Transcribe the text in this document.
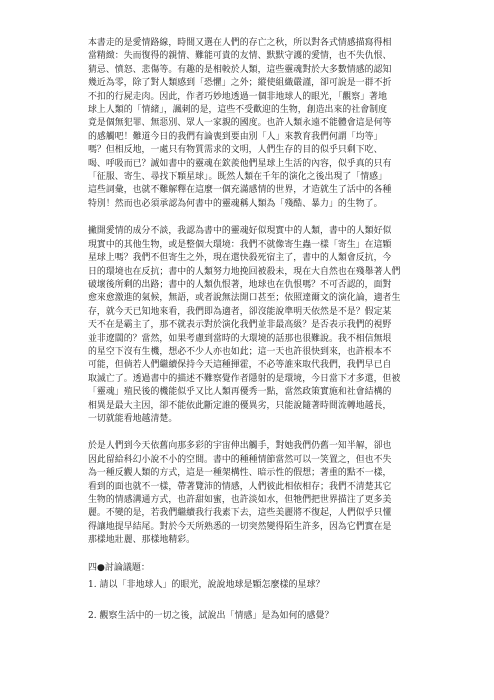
本書走的是愛情路線，時間又選在人們的存亡之秋，所以對各式情感描寫得相
當精緻：失而復得的親情、難能可貴的友情、默默守護的愛情，也不失仇恨、
猜忌、憤怒、悲傷等。有趣的是相較於人類，這些靈魂對於大多數情感的認知
幾近為零，除了對人類感到「恐懼」之外；縱使組織嚴謹，卻可說是一群不折
不扣的行屍走肉。因此，作者巧妙地透過一個非地球人的眼光，「觀察」著地
球上人類的「情緒」，諷刺的是，這些不受歡迎的生物，創造出來的社會制度
竟是個無犯罪、無惡別、眾人一家親的國度。也許人類永遠不能體會這是何等
的感觸吧！難道今日的我們有論喪到要由別「人」來教育我們何謂「均等」
嗎？但相反地，一處只有物質需求的文明，人們生存的目的似乎只剩下吃、
喝、呼吸而已？誠如書中的靈魂在欽羨他們星球上生活的內容，似乎真的只有
「征服、寄生、尋找下顆星球」。既然人類在千年的演化之後出現了「情感」
這些詞彙，也就不難解釋在這麼一個充滿感情的世界，才造就生了活中的各種
特別！然而也必須承認為何書中的靈魂稱人類為「殘酷、暴力」的生物了。
撇開愛情的成分不談，我認為書中的靈魂好似現實中的人類，書中的人類好似
現實中的其他生物，或是整個大環境：我們不就像寄生蟲一樣「寄生」在這顆
星球上嗎？我們不但寄生之外，現在還快殺死宿主了，書中的人類會反抗，今
日的環境也在反抗；書中的人類努力地挽回被殺未，現在大自然也在殘舉著人們
破壞後所剩的出路；書中的人類仇恨著，地球也在仇恨嗎？不可否認的，面對
愈來愈激進的氣候，無語，或者說無法開口甚至；依照達爾文的演化論，適者生
存，就今天已知地來看，我們即為適者，卻沒能說準明天依然是不是？假定某
天不在是霸主了，那不就表示對於演化我們並非最高級？是否表示我們的視野
並非遼闊的？當然，如果考慮到當時的大環境的話那也很難說。我不相信無垠
的星空下沒有生機，想必不少人亦也如此；這一天也許很快到來，也許根本不
可能，但倘若人們繼續保持今天這種揮霍，不必等誰來取代我們，我們早已自
取滅亡了。透過書中的描述不難察覺作者隱射的是環境，今日當下才多還，但被
「靈魂」殖民後的機能似乎又比人類再優秀一點，當然政策實施和社會結構的
相異是最大主因，卻不能依此斷定誰的優異劣，只能說隨著時間流轉地越長，
一切就能看地越清楚。
於是人們到今天依舊向那多彩的宇宙伸出觸手，對她我們仍舊一知半解，卻也
因此留給科幻小說不小的空間。書中的種種情節當然可以一笑置之，但也不失
為一種反觀人類的方式，這是一種架構性、暗示性的假想；著重的點不一樣，
看到的面也就不一樣，帶著覽沛的情感，人們彼此相依相存；我們不清楚其它
生物的情感溝通方式，也許甜如蜜，也許淡如水，但牠們把世界描注了更多美
麗。不變的是，若我們繼續我行我素下去，這些美麗將不復起，人們似乎只懂
得讓地提早結尾。對於今天所熟悉的一切突然變得陌生許多，因為它們實在是
那樣地壯麗、那樣地精彩。
四●討論議題：
1. 請以「非地球人」的眼光，說說地球是顆怎麼樣的星球？
2. 觀察生活中的一切之後，試說出「情感」是為如何的感覺？
